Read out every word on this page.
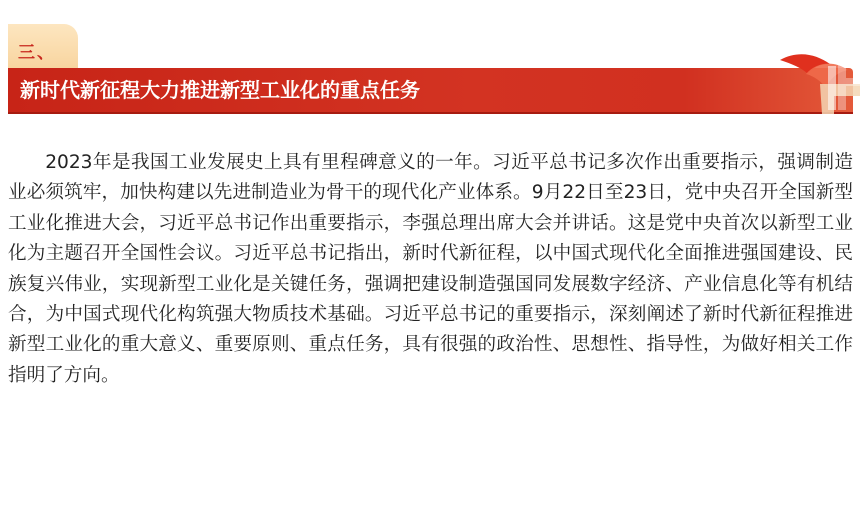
三、
新时代新征程大力推进新型工业化的重点任务

2023年是我国工业发展史上具有里程碑意义的一年。习近平总书记多次作出重要指示，强调制造业必须筑牢，加快构建以先进制造业为骨干的现代化产业体系。9月22日至23日，党中央召开全国新型工业化推进大会，习近平总书记作出重要指示，李强总理出席大会并讲话。这是党中央首次以新型工业化为主题召开全国性会议。习近平总书记指出，新时代新征程，以中国式现代化全面推进强国建设、民族复兴伟业，实现新型工业化是关键任务，强调把建设制造强国同发展数字经济、产业信息化等有机结合，为中国式现代化构筑强大物质技术基础。习近平总书记的重要指示，深刻阐述了新时代新征程推进新型工业化的重大意义、重要原则、重点任务，具有很强的政治性、思想性、指导性，为做好相关工作指明了方向。
